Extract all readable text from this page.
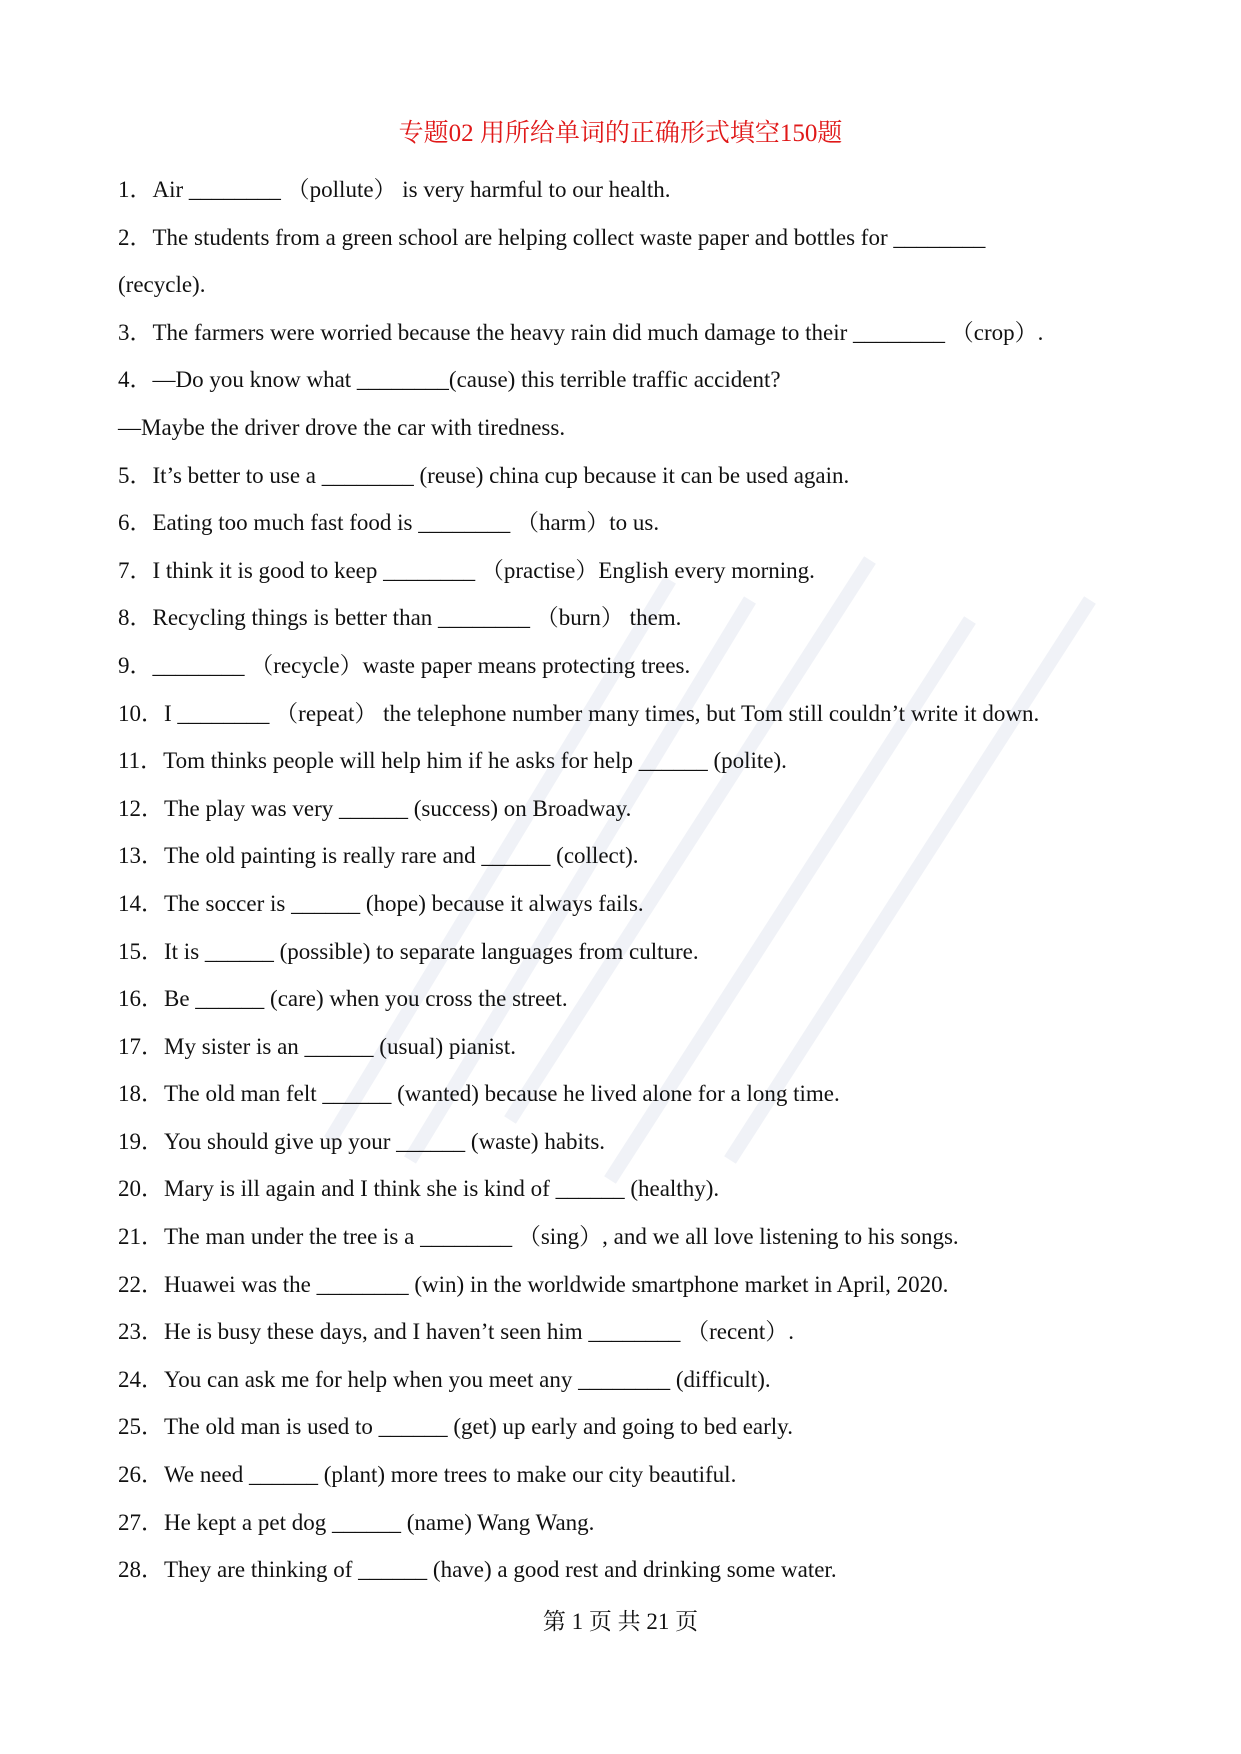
专题02 用所给单词的正确形式填空150题
1．Air ________ （pollute） is very harmful to our health.
2．The students from a green school are helping collect waste paper and bottles for ________
(recycle).
3．The farmers were worried because the heavy rain did much damage to their ________ （crop）.
4．—Do you know what ________(cause) this terrible traffic accident?
—Maybe the driver drove the car with tiredness.
5．It’s better to use a ________ (reuse) china cup because it can be used again.
6．Eating too much fast food is ________ （harm）to us.
7．I think it is good to keep ________ （practise）English every morning.
8．Recycling things is better than ________ （burn） them.
9．________ （recycle）waste paper means protecting trees.
10．I ________ （repeat） the telephone number many times, but Tom still couldn’t write it down.
11．Tom thinks people will help him if he asks for help ______ (polite).
12．The play was very ______ (success) on Broadway.
13．The old painting is really rare and ______ (collect).
14．The soccer is ______ (hope) because it always fails.
15．It is ______ (possible) to separate languages from culture.
16．Be ______ (care) when you cross the street.
17．My sister is an ______ (usual) pianist.
18．The old man felt ______ (wanted) because he lived alone for a long time.
19．You should give up your ______ (waste) habits.
20．Mary is ill again and I think she is kind of ______ (healthy).
21．The man under the tree is a ________ （sing）, and we all love listening to his songs.
22．Huawei was the ________ (win) in the worldwide smartphone market in April, 2020.
23．He is busy these days, and I haven’t seen him ________ （recent）.
24．You can ask me for help when you meet any ________ (difficult).
25．The old man is used to ______ (get) up early and going to bed early.
26．We need ______ (plant) more trees to make our city beautiful.
27．He kept a pet dog ______ (name) Wang Wang.
28．They are thinking of ______ (have) a good rest and drinking some water.
第 1 页 共 21 页
